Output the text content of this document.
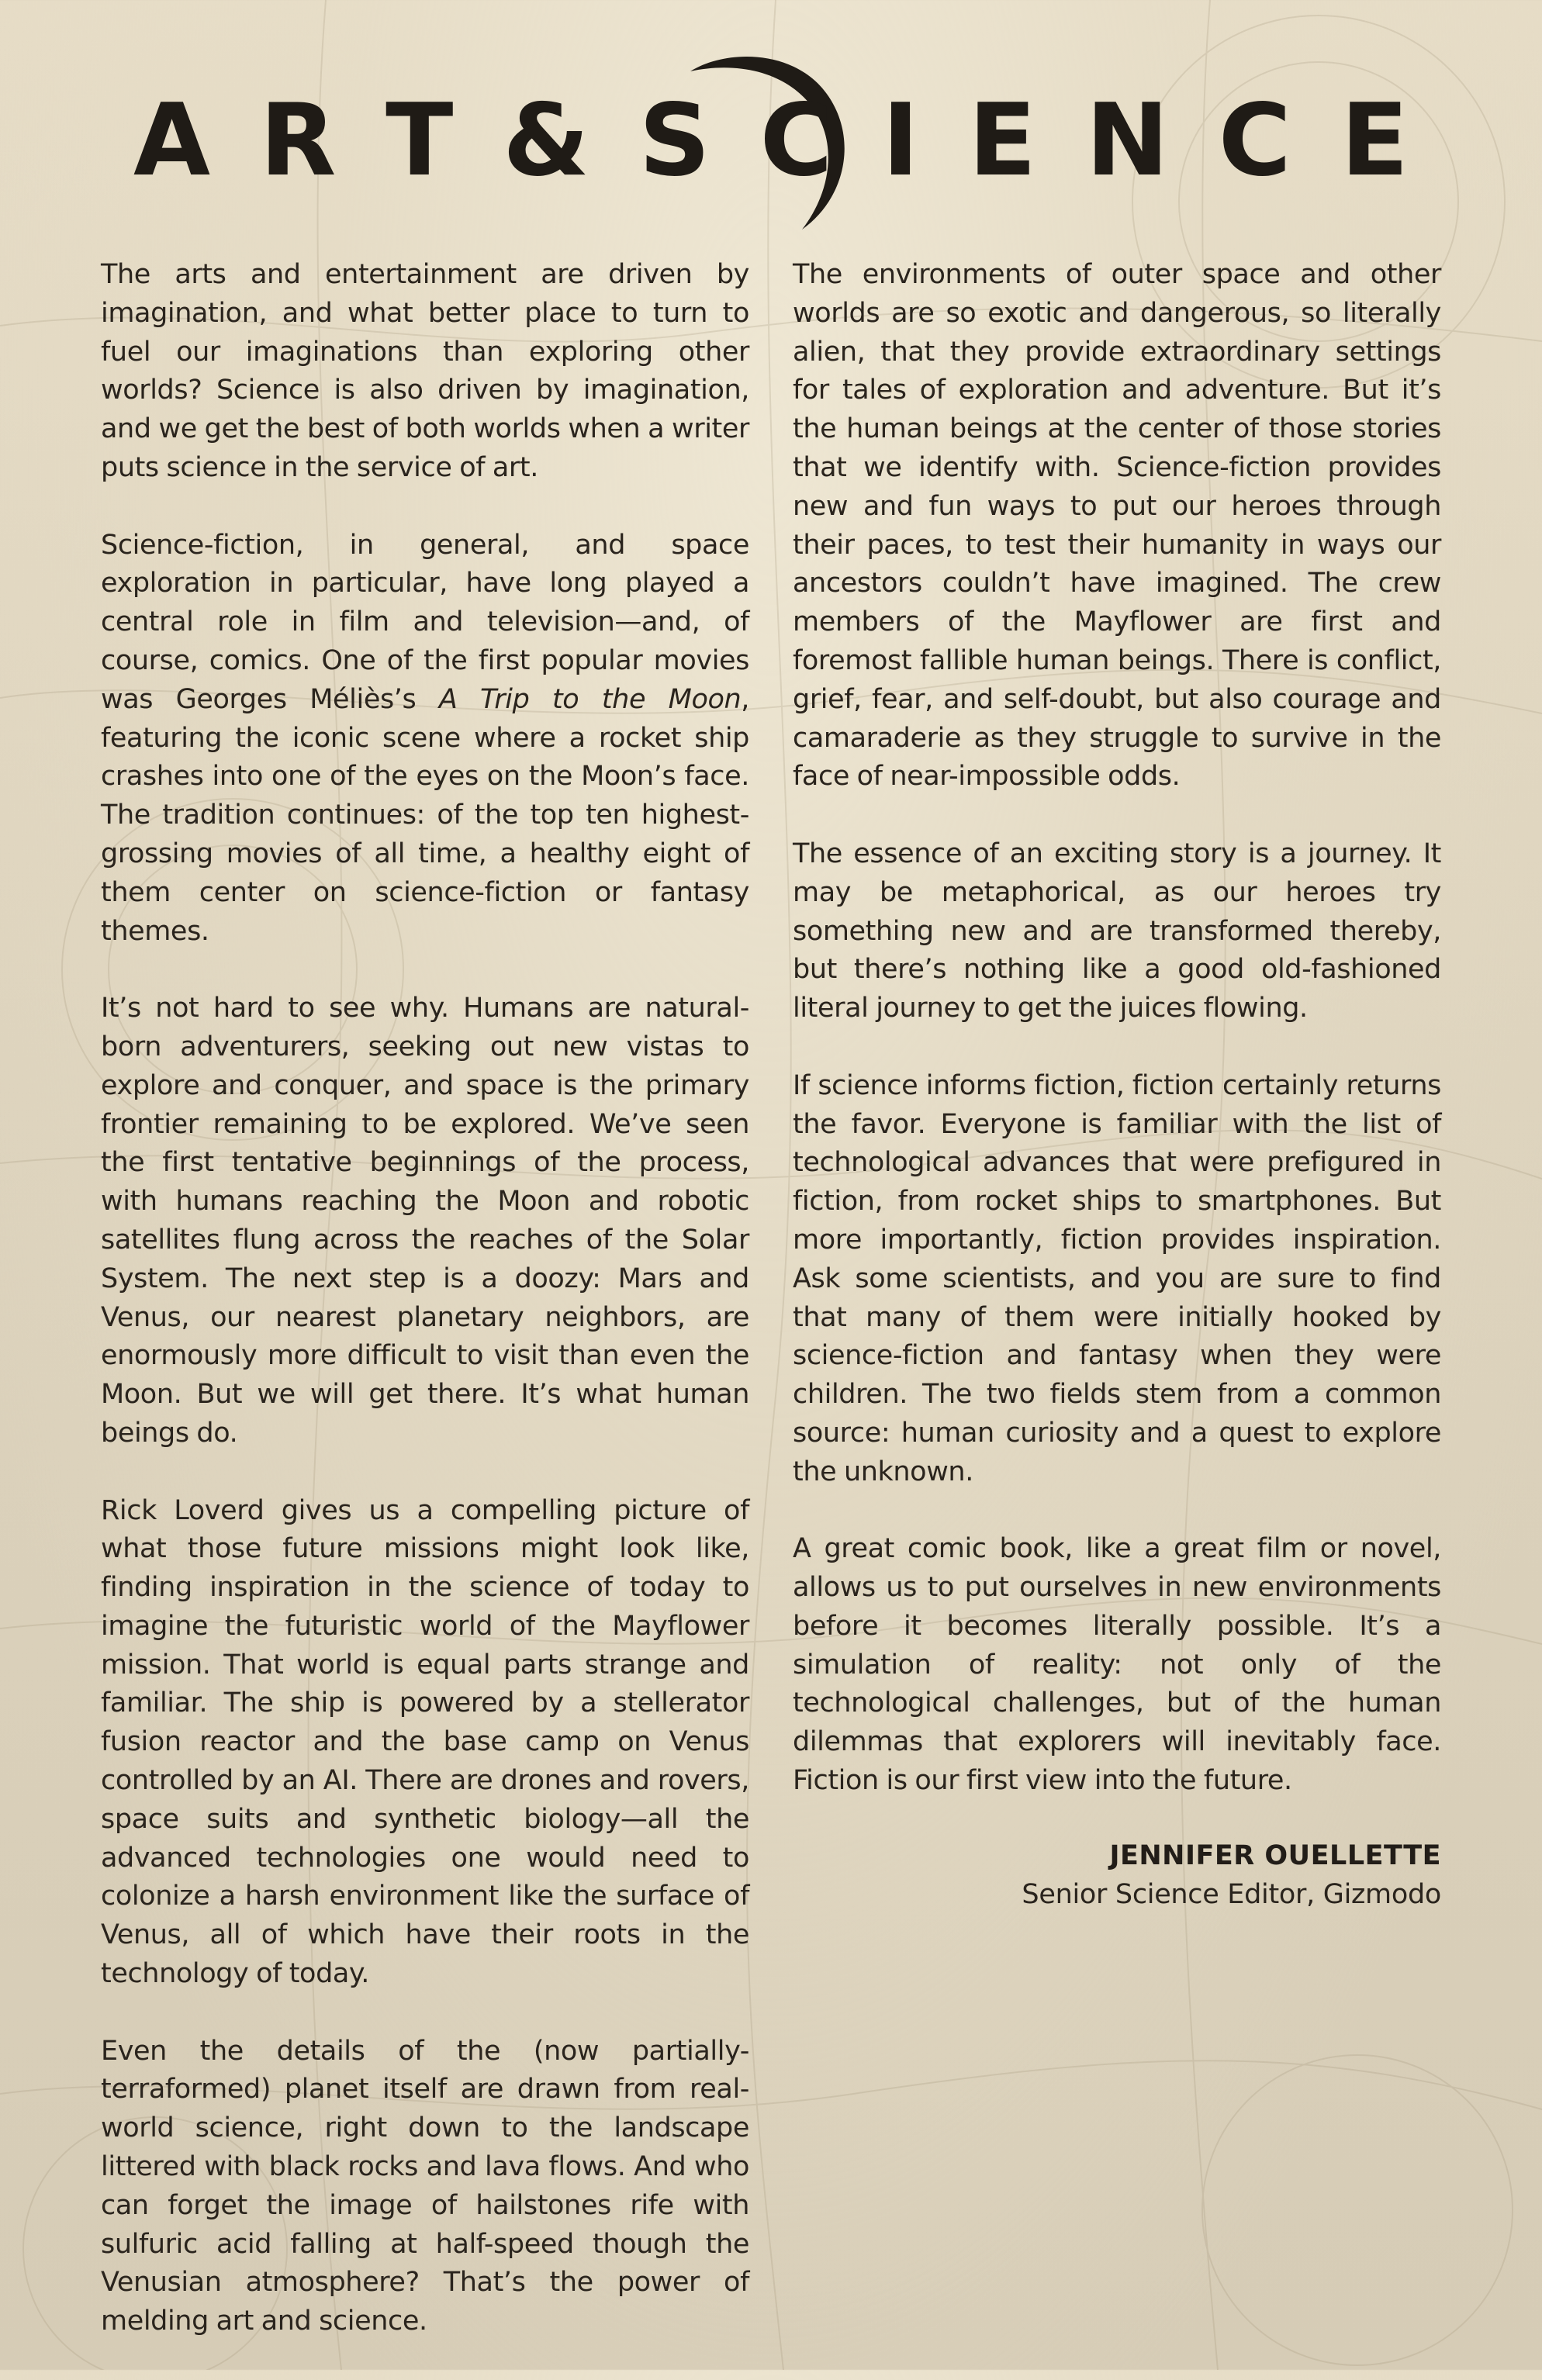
A R T & S C I E N C E

The arts and entertainment are driven by imagination, and what better place to turn to fuel our imaginations than exploring other worlds? Science is also driven by imagination, and we get the best of both worlds when a writer puts science in the service of art.

Science-fiction, in general, and space exploration in particular, have long played a central role in film and television—and, of course, comics. One of the first popular movies was Georges Méliès’s A Trip to the Moon, featuring the iconic scene where a rocket ship crashes into one of the eyes on the Moon’s face. The tradition continues: of the top ten highest-grossing movies of all time, a healthy eight of them center on science-fiction or fantasy themes.

It’s not hard to see why. Humans are natural-born adventurers, seeking out new vistas to explore and conquer, and space is the primary frontier remaining to be explored. We’ve seen the first tentative beginnings of the process, with humans reaching the Moon and robotic satellites flung across the reaches of the Solar System. The next step is a doozy: Mars and Venus, our nearest planetary neighbors, are enormously more difficult to visit than even the Moon. But we will get there. It’s what human beings do.

Rick Loverd gives us a compelling picture of what those future missions might look like, finding inspiration in the science of today to imagine the futuristic world of the Mayflower mission. That world is equal parts strange and familiar. The ship is powered by a stellerator fusion reactor and the base camp on Venus controlled by an AI. There are drones and rovers, space suits and synthetic biology—all the advanced technologies one would need to colonize a harsh environment like the surface of Venus, all of which have their roots in the technology of today.

Even the details of the (now partially-terraformed) planet itself are drawn from real-world science, right down to the landscape littered with black rocks and lava flows. And who can forget the image of hailstones rife with sulfuric acid falling at half-speed though the Venusian atmosphere? That’s the power of melding art and science.

The environments of outer space and other worlds are so exotic and dangerous, so literally alien, that they provide extraordinary settings for tales of exploration and adventure. But it’s the human beings at the center of those stories that we identify with. Science-fiction provides new and fun ways to put our heroes through their paces, to test their humanity in ways our ancestors couldn’t have imagined. The crew members of the Mayflower are first and foremost fallible human beings. There is conflict, grief, fear, and self-doubt, but also courage and camaraderie as they struggle to survive in the face of near-impossible odds.

The essence of an exciting story is a journey. It may be metaphorical, as our heroes try something new and are transformed thereby, but there’s nothing like a good old-fashioned literal journey to get the juices flowing.

If science informs fiction, fiction certainly returns the favor. Everyone is familiar with the list of technological advances that were prefigured in fiction, from rocket ships to smartphones. But more importantly, fiction provides inspiration. Ask some scientists, and you are sure to find that many of them were initially hooked by science-fiction and fantasy when they were children. The two fields stem from a common source: human curiosity and a quest to explore the unknown.

A great comic book, like a great film or novel, allows us to put ourselves in new environments before it becomes literally possible. It’s a simulation of reality: not only of the technological challenges, but of the human dilemmas that explorers will inevitably face. Fiction is our first view into the future.

JENNIFER OUELLETTE
Senior Science Editor, Gizmodo
